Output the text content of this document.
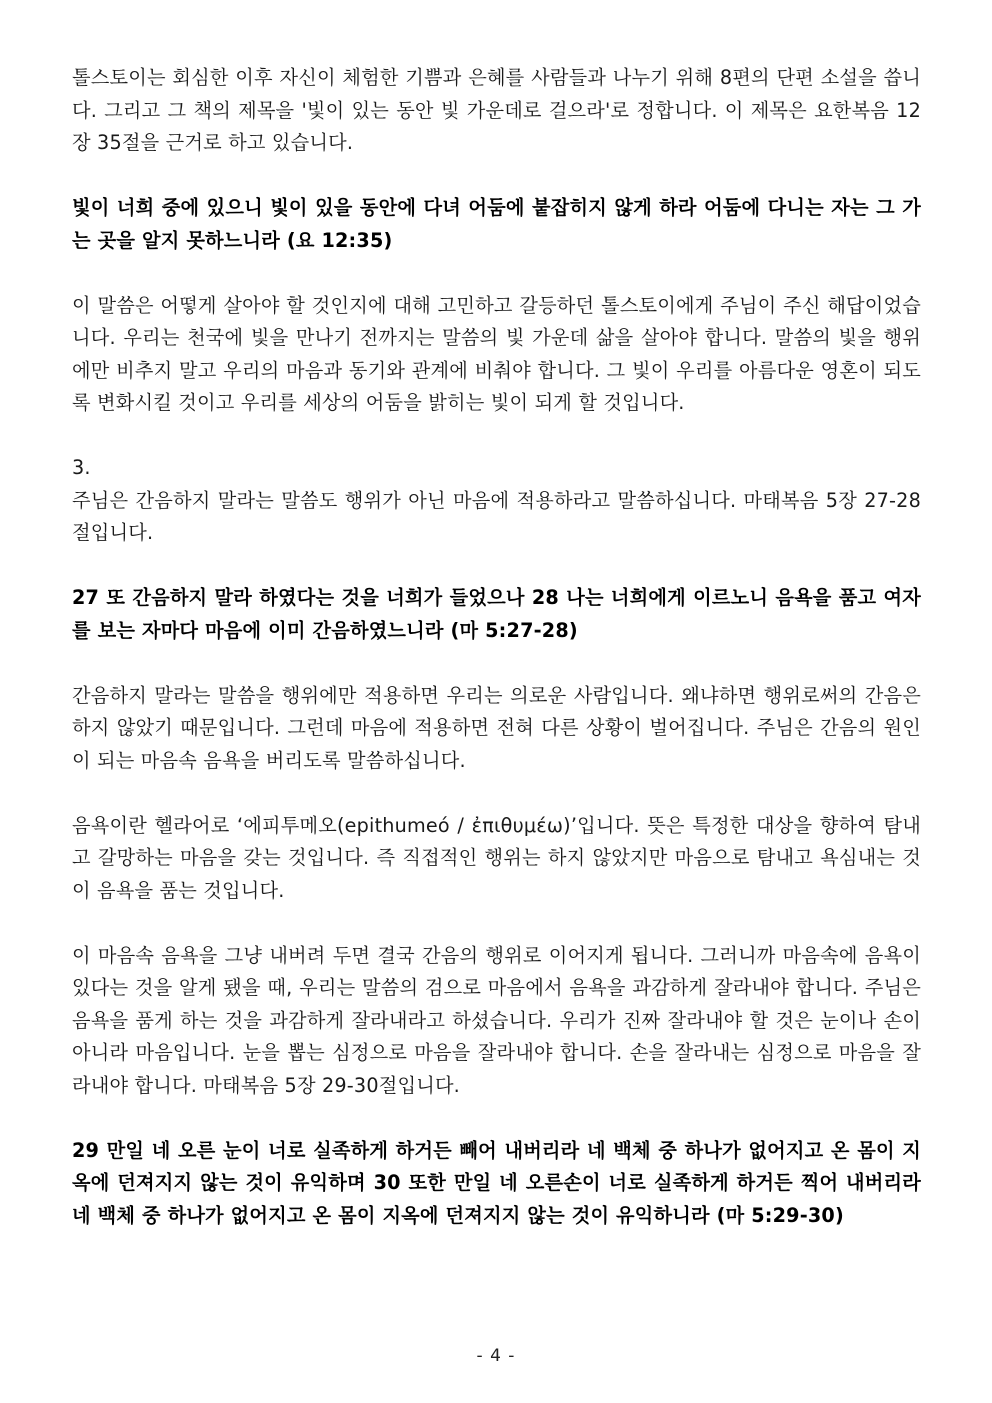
톨스토이는 회심한 이후 자신이 체험한 기쁨과 은혜를 사람들과 나누기 위해 8편의 단편 소설을 씁니다. 그리고 그 책의 제목을 '빛이 있는 동안 빛 가운데로 걸으라'로 정합니다. 이 제목은 요한복음 12장 35절을 근거로 하고 있습니다.

빛이 너희 중에 있으니 빛이 있을 동안에 다녀 어둠에 붙잡히지 않게 하라 어둠에 다니는 자는 그 가는 곳을 알지 못하느니라 (요 12:35)

이 말씀은 어떻게 살아야 할 것인지에 대해 고민하고 갈등하던 톨스토이에게 주님이 주신 해답이었습니다. 우리는 천국에 빛을 만나기 전까지는 말씀의 빛 가운데 삶을 살아야 합니다. 말씀의 빛을 행위에만 비추지 말고 우리의 마음과 동기와 관계에 비춰야 합니다. 그 빛이 우리를 아름다운 영혼이 되도록 변화시킬 것이고 우리를 세상의 어둠을 밝히는 빛이 되게 할 것입니다.

3.

주님은 간음하지 말라는 말씀도 행위가 아닌 마음에 적용하라고 말씀하십니다. 마태복음 5장 27-28절입니다.

27 또 간음하지 말라 하였다는 것을 너희가 들었으나 28 나는 너희에게 이르노니 음욕을 품고 여자를 보는 자마다 마음에 이미 간음하였느니라 (마 5:27-28)

간음하지 말라는 말씀을 행위에만 적용하면 우리는 의로운 사람입니다. 왜냐하면 행위로써의 간음은 하지 않았기 때문입니다. 그런데 마음에 적용하면 전혀 다른 상황이 벌어집니다. 주님은 간음의 원인이 되는 마음속 음욕을 버리도록 말씀하십니다.

음욕이란 헬라어로 ‘에피투메오(epithumeó / ἐπιθυμέω)’입니다. 뜻은 특정한 대상을 향하여 탐내고 갈망하는 마음을 갖는 것입니다. 즉 직접적인 행위는 하지 않았지만 마음으로 탐내고 욕심내는 것이 음욕을 품는 것입니다.

이 마음속 음욕을 그냥 내버려 두면 결국 간음의 행위로 이어지게 됩니다. 그러니까 마음속에 음욕이 있다는 것을 알게 됐을 때, 우리는 말씀의 검으로 마음에서 음욕을 과감하게 잘라내야 합니다. 주님은 음욕을 품게 하는 것을 과감하게 잘라내라고 하셨습니다. 우리가 진짜 잘라내야 할 것은 눈이나 손이 아니라 마음입니다. 눈을 뽑는 심정으로 마음을 잘라내야 합니다. 손을 잘라내는 심정으로 마음을 잘라내야 합니다. 마태복음 5장 29-30절입니다.

29 만일 네 오른 눈이 너로 실족하게 하거든 빼어 내버리라 네 백체 중 하나가 없어지고 온 몸이 지옥에 던져지지 않는 것이 유익하며 30 또한 만일 네 오른손이 너로 실족하게 하거든 찍어 내버리라 네 백체 중 하나가 없어지고 온 몸이 지옥에 던져지지 않는 것이 유익하니라 (마 5:29-30)

- 4 -
